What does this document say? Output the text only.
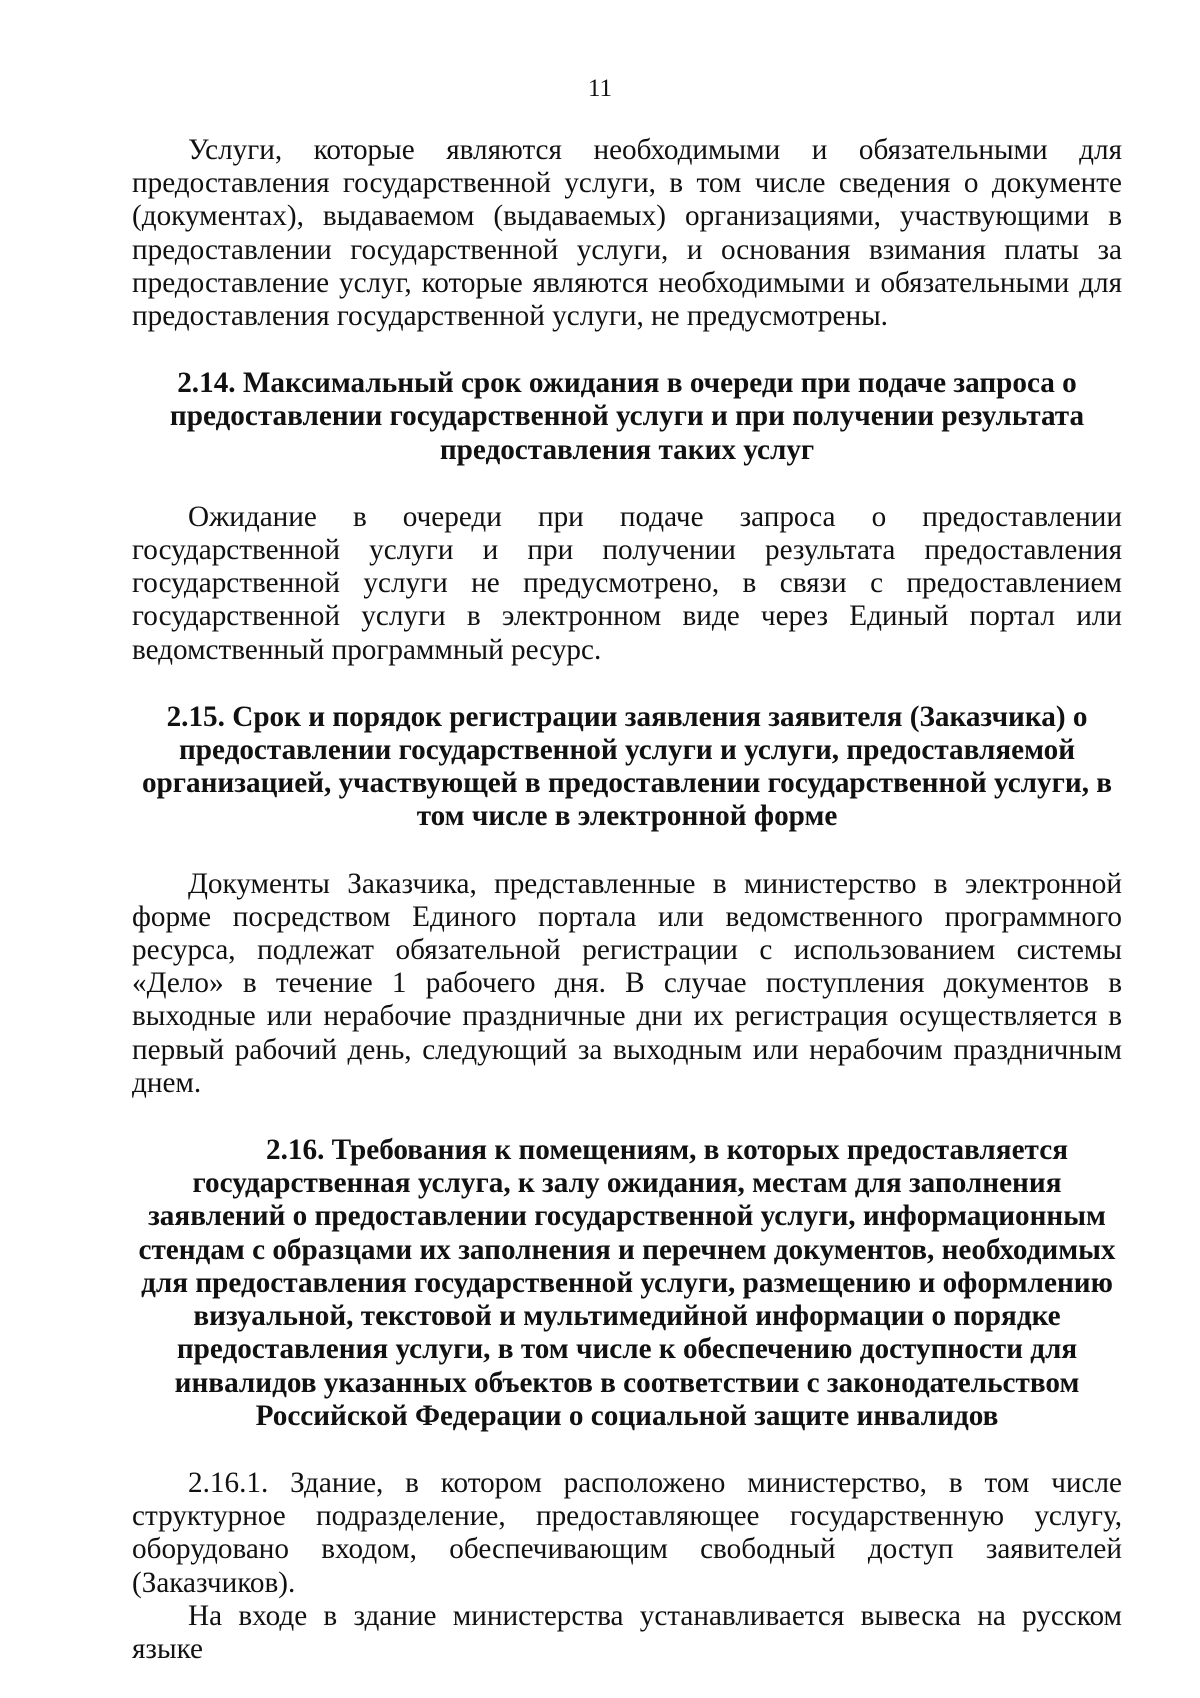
11

Услуги, которые являются необходимыми и обязательными для предоставления государственной услуги, в том числе сведения о документе (документах), выдаваемом (выдаваемых) организациями, участвующими в предоставлении государственной услуги, и основания взимания платы за предоставление услуг, которые являются необходимыми и обязательными для предоставления государственной услуги, не предусмотрены.

2.14. Максимальный срок ожидания в очереди при подаче запроса о предоставлении государственной услуги и при получении результата предоставления таких услуг

Ожидание в очереди при подаче запроса о предоставлении государственной услуги и при получении результата предоставления государственной услуги не предусмотрено, в связи с предоставлением государственной услуги в электронном виде через Единый портал или ведомственный программный ресурс.

2.15. Срок и порядок регистрации заявления заявителя (Заказчика) о предоставлении государственной услуги и услуги, предоставляемой организацией, участвующей в предоставлении государственной услуги, в том числе в электронной форме

Документы Заказчика, представленные в министерство в электронной форме посредством Единого портала или ведомственного программного ресурса, подлежат обязательной регистрации с использованием системы «Дело» в течение 1 рабочего дня. В случае поступления документов в выходные или нерабочие праздничные дни их регистрация осуществляется в первый рабочий день, следующий за выходным или нерабочим праздничным днем.

2.16. Требования к помещениям, в которых предоставляется
государственная услуга, к залу ожидания, местам для заполнения заявлений о предоставлении государственной услуги, информационным стендам с образцами их заполнения и перечнем документов, необходимых для предоставления государственной услуги, размещению и оформлению визуальной, текстовой и мультимедийной информации о порядке предоставления услуги, в том числе к обеспечению доступности для инвалидов указанных объектов в соответствии с законодательством Российской Федерации о социальной защите инвалидов

2.16.1. Здание, в котором расположено министерство, в том числе структурное подразделение, предоставляющее государственную услугу, оборудовано входом, обеспечивающим свободный доступ заявителей (Заказчиков).

На входе в здание министерства устанавливается вывеска на русском языке
